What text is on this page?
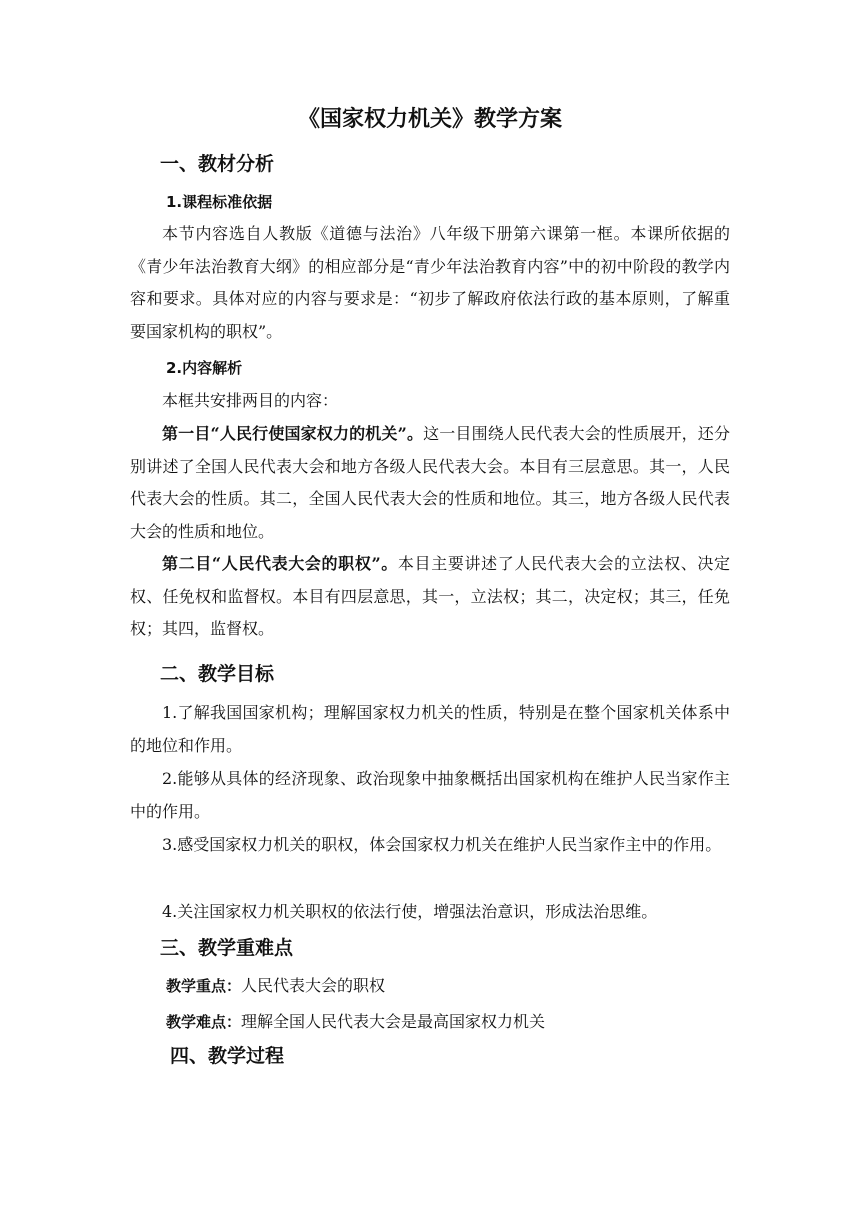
《国家权力机关》教学方案
一、教材分析
1.课程标准依据

本节内容选自人教版《道德与法治》八年级下册第六课第一框。本课所依据的《青少年法治教育大纲》的相应部分是“青少年法治教育内容”中的初中阶段的教学内容和要求。具体对应的内容与要求是：“初步了解政府依法行政的基本原则，了解重要国家机构的职权”。

2.内容解析

本框共安排两目的内容：

第一目“人民行使国家权力的机关”。这一目围绕人民代表大会的性质展开，还分别讲述了全国人民代表大会和地方各级人民代表大会。本目有三层意思。其一，人民代表大会的性质。其二，全国人民代表大会的性质和地位。其三，地方各级人民代表大会的性质和地位。

第二目“人民代表大会的职权”。本目主要讲述了人民代表大会的立法权、决定权、任免权和监督权。本目有四层意思，其一，立法权；其二，决定权；其三，任免权；其四，监督权。

二、教学目标

1.了解我国国家机构；理解国家权力机关的性质，特别是在整个国家机关体系中的地位和作用。

2.能够从具体的经济现象、政治现象中抽象概括出国家机构在维护人民当家作主中的作用。

3.感受国家权力机关的职权，体会国家权力机关在维护人民当家作主中的作用。

4.关注国家权力机关职权的依法行使，增强法治意识，形成法治思维。

三、教学重难点
教学重点：人民代表大会的职权
教学难点：理解全国人民代表大会是最高国家权力机关
四、教学过程
